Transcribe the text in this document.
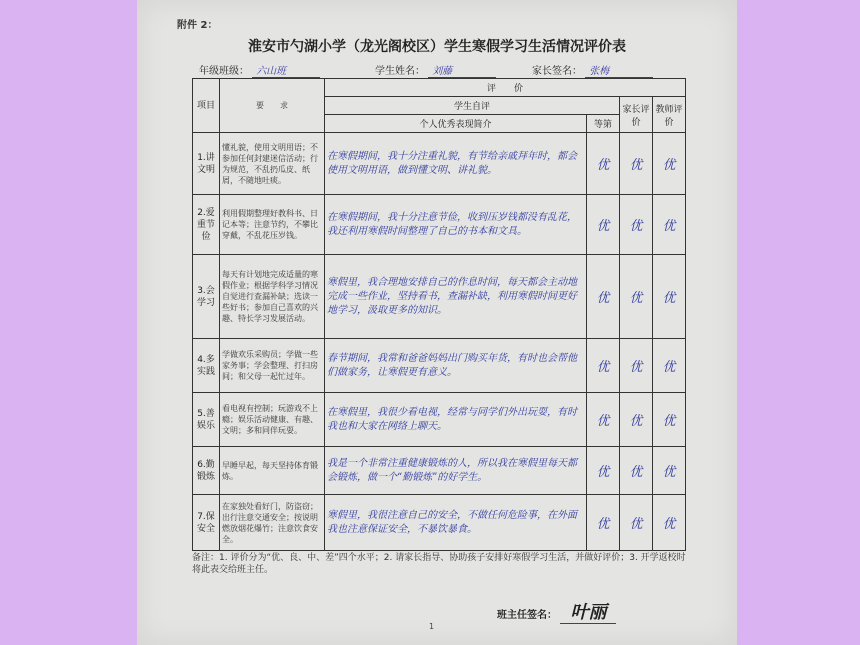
附件 2：
淮安市勺湖小学（龙光阁校区）学生寒假学习生活情况评价表
年级班级： 六山班	学生姓名： 刘藤	家长签名： 张梅
项目	要　　求	评　　价			
		学生自评		家长评价	教师评价
		个人优秀表现简介	等第		
1.讲文明	懂礼貌，使用文明用语；不参加任何封建迷信活动；行为规范，不乱扔瓜皮、纸屑，不随地吐痰。	在寒假期间，我十分注重礼貌，有节给亲戚拜年时，都会使用文明用语，做到懂文明、讲礼貌。	优	优	优
2.爱重节俭	利用假期整理好教科书、日记本等；注意节约，不攀比穿戴，不乱花压岁钱。	在寒假期间，我十分注意节俭，收到压岁钱都没有乱花，我还利用寒假时间整理了自己的书本和文具。	优	优	优
3.会学习	每天有计划地完成适量的寒假作业；根据学科学习情况自觉进行查漏补缺；选读一些好书；参加自己喜欢的兴趣、特长学习发展活动。	寒假里，我合理地安排自己的作息时间，每天都会主动地完成一些作业，坚持看书，查漏补缺，利用寒假时间更好地学习，汲取更多的知识。	优	优	优
4.多实践	学做欢乐采购员；学做一些家务事；学会整理、打扫房间；和父母一起忙过年。	春节期间，我常和爸爸妈妈出门购买年货，有时也会帮他们做家务，让寒假更有意义。	优	优	优
5.善娱乐	看电视有控制；玩游戏不上瘾；娱乐活动健康、有趣、文明；多和同伴玩耍。	在寒假里，我很少看电视，经常与同学们外出玩耍，有时我也和大家在网络上聊天。	优	优	优
6.勤锻炼	早睡早起，每天坚持体育锻炼。	我是一个非常注重健康锻炼的人，所以我在寒假里每天都会锻炼，做一个“勤锻炼”的好学生。	优	优	优
7.保安全	在家独处看好门，防盗窃；出行注意交通安全；按说明燃放烟花爆竹；注意饮食安全。	寒假里，我很注意自己的安全，不做任何危险事，在外面我也注意保证安全，不暴饮暴食。	优	优	优
备注：1. 评价分为“优、良、中、差”四个水平；2. 请家长指导、协助孩子安排好寒假学习生活，并做好评价；3. 开学返校时将此表交给班主任。
班主任签名： 叶丽
1
